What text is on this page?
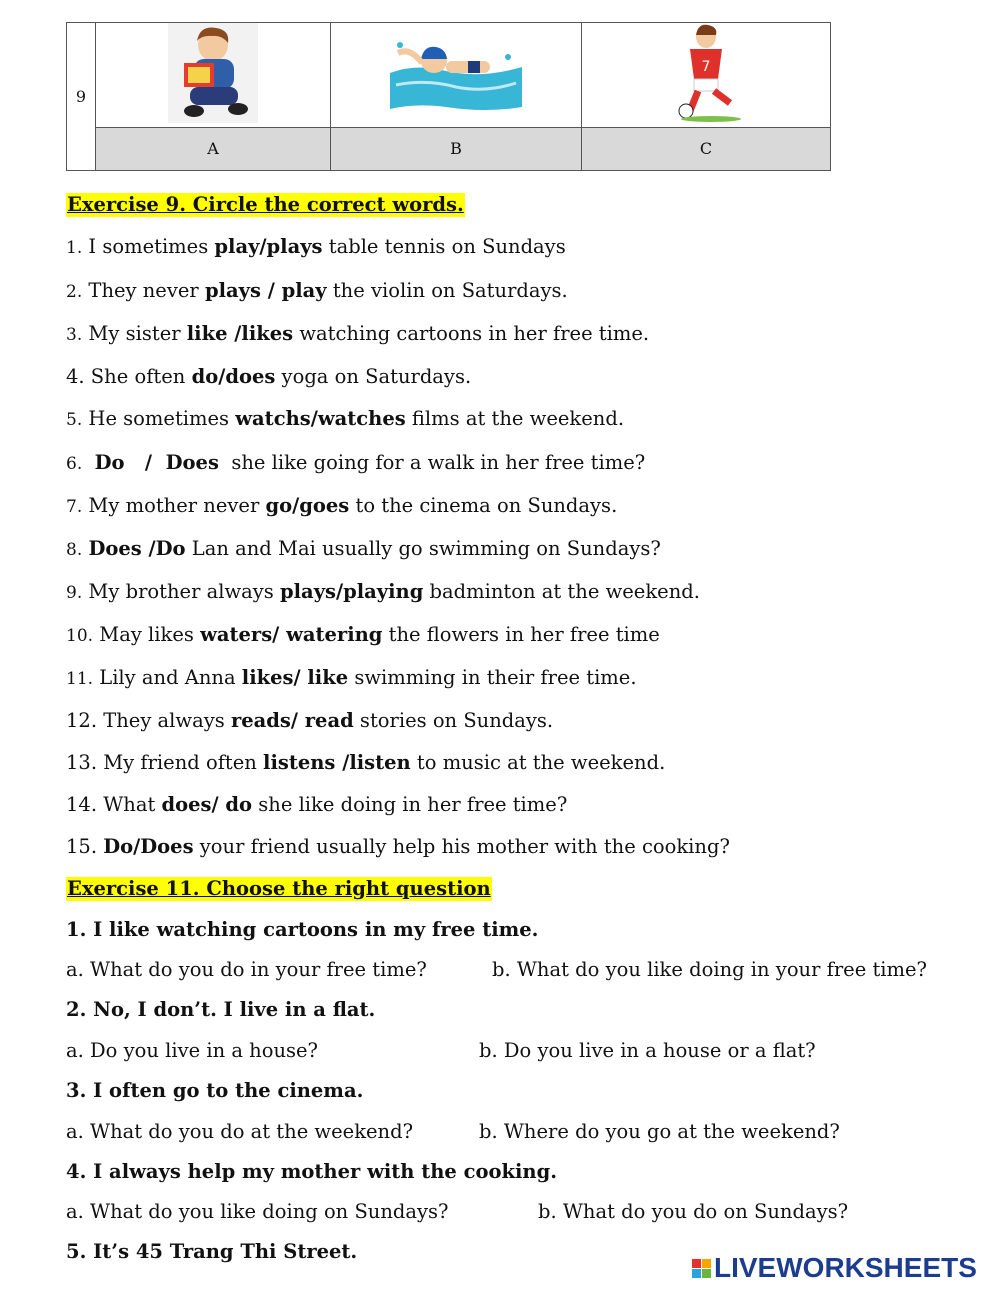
9			7

	A	B	C
Exercise 9. Circle the correct words.
1. I sometimes play/plays table tennis on Sundays
2. They never plays / play the violin on Saturdays.
3. My sister like /likes watching cartoons in her free time.
4. She often do/does yoga on Saturdays.
5. He sometimes watchs/watches films at the weekend.
6. Do   /  Does  she like going for a walk in her free time?
7. My mother never go/goes to the cinema on Sundays.
8. Does /Do Lan and Mai usually go swimming on Sundays?
9. My brother always plays/playing badminton at the weekend.
10. May likes waters/ watering the flowers in her free time
11. Lily and Anna likes/ like swimming in their free time.
12. They always reads/ read stories on Sundays.
13. My friend often listens /listen to music at the weekend.
14. What does/ do she like doing in her free time?
15. Do/Does your friend usually help his mother with the cooking?
Exercise 11. Choose the right question
1. I like watching cartoons in my free time.
a. What do you do in your free time?	b. What do you like doing in your free time?
2. No, I don’t. I live in a flat.
a. Do you live in a house?	b. Do you live in a house or a flat?
3. I often go to the cinema.
a. What do you do at the weekend?	b. Where do you go at the weekend?
4. I always help my mother with the cooking.
a. What do you like doing on Sundays?	b. What do you do on Sundays?
5. It’s 45 Trang Thi Street.
LIVEWORKSHEETS
